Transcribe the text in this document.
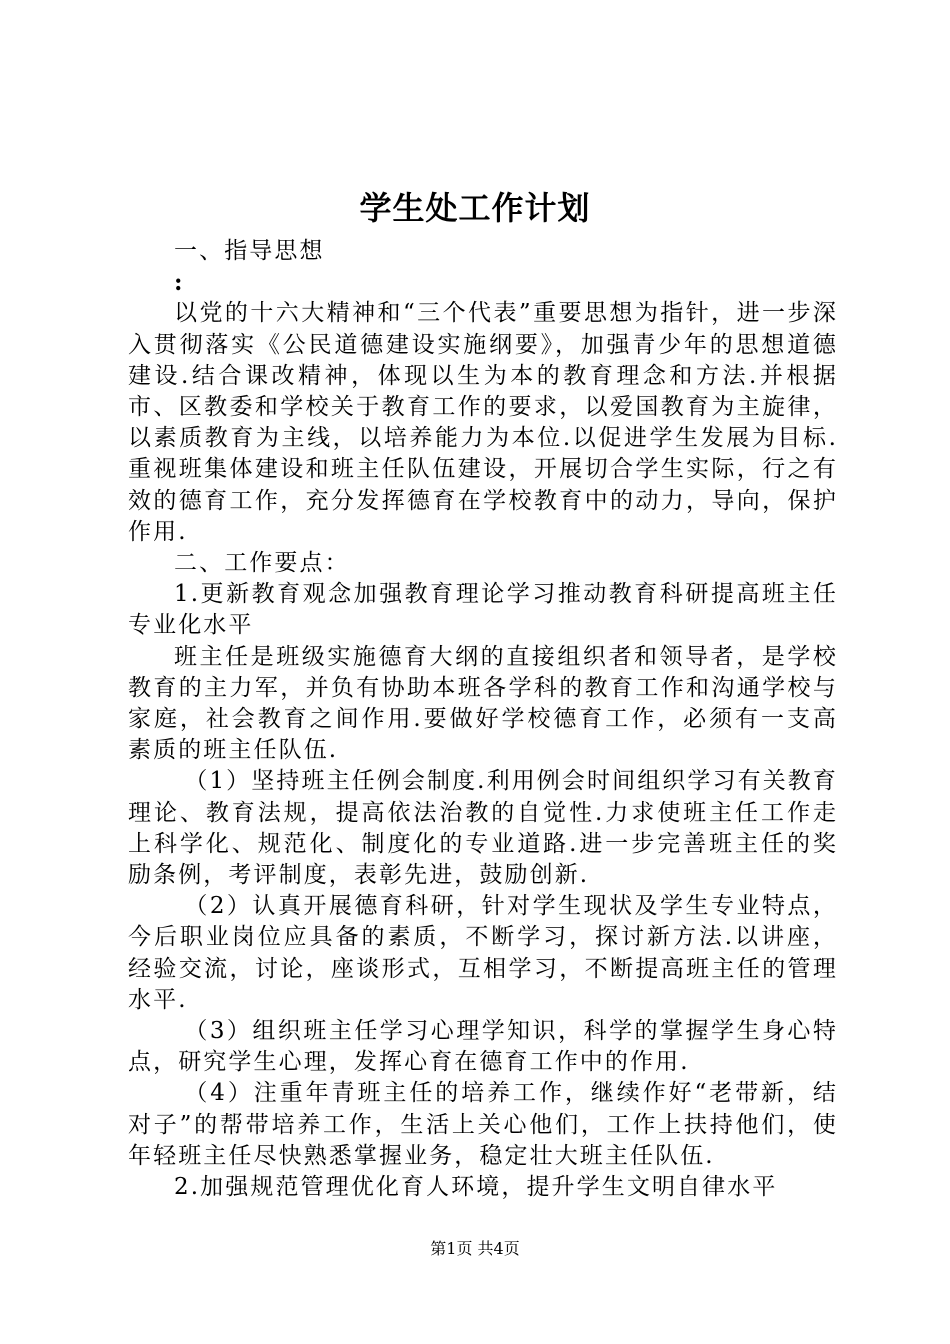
学生处工作计划

一、指导思想

:

以党的十六大精神和“三个代表”重要思想为指针，进一步深入贯彻落实《公民道德建设实施纲要》，加强青少年的思想道德建设.结合课改精神，体现以生为本的教育理念和方法.并根据市、区教委和学校关于教育工作的要求，以爱国教育为主旋律，以素质教育为主线，以培养能力为本位.以促进学生发展为目标.重视班集体建设和班主任队伍建设，开展切合学生实际，行之有效的德育工作，充分发挥德育在学校教育中的动力，导向，保护作用.

二、工作要点：

1.更新教育观念加强教育理论学习推动教育科研提高班主任专业化水平

班主任是班级实施德育大纲的直接组织者和领导者，是学校教育的主力军，并负有协助本班各学科的教育工作和沟通学校与家庭，社会教育之间作用.要做好学校德育工作，必须有一支高素质的班主任队伍.

（1）坚持班主任例会制度.利用例会时间组织学习有关教育理论、教育法规，提高依法治教的自觉性.力求使班主任工作走上科学化、规范化、制度化的专业道路.进一步完善班主任的奖励条例，考评制度，表彰先进，鼓励创新.

（2）认真开展德育科研，针对学生现状及学生专业特点，今后职业岗位应具备的素质，不断学习，探讨新方法.以讲座，经验交流，讨论，座谈形式，互相学习，不断提高班主任的管理水平.

（3）组织班主任学习心理学知识，科学的掌握学生身心特点，研究学生心理，发挥心育在德育工作中的作用.

（4）注重年青班主任的培养工作，继续作好“老带新，结对子”的帮带培养工作，生活上关心他们，工作上扶持他们，使年轻班主任尽快熟悉掌握业务，稳定壮大班主任队伍.

2.加强规范管理优化育人环境，提升学生文明自律水平

第1页 共4页
